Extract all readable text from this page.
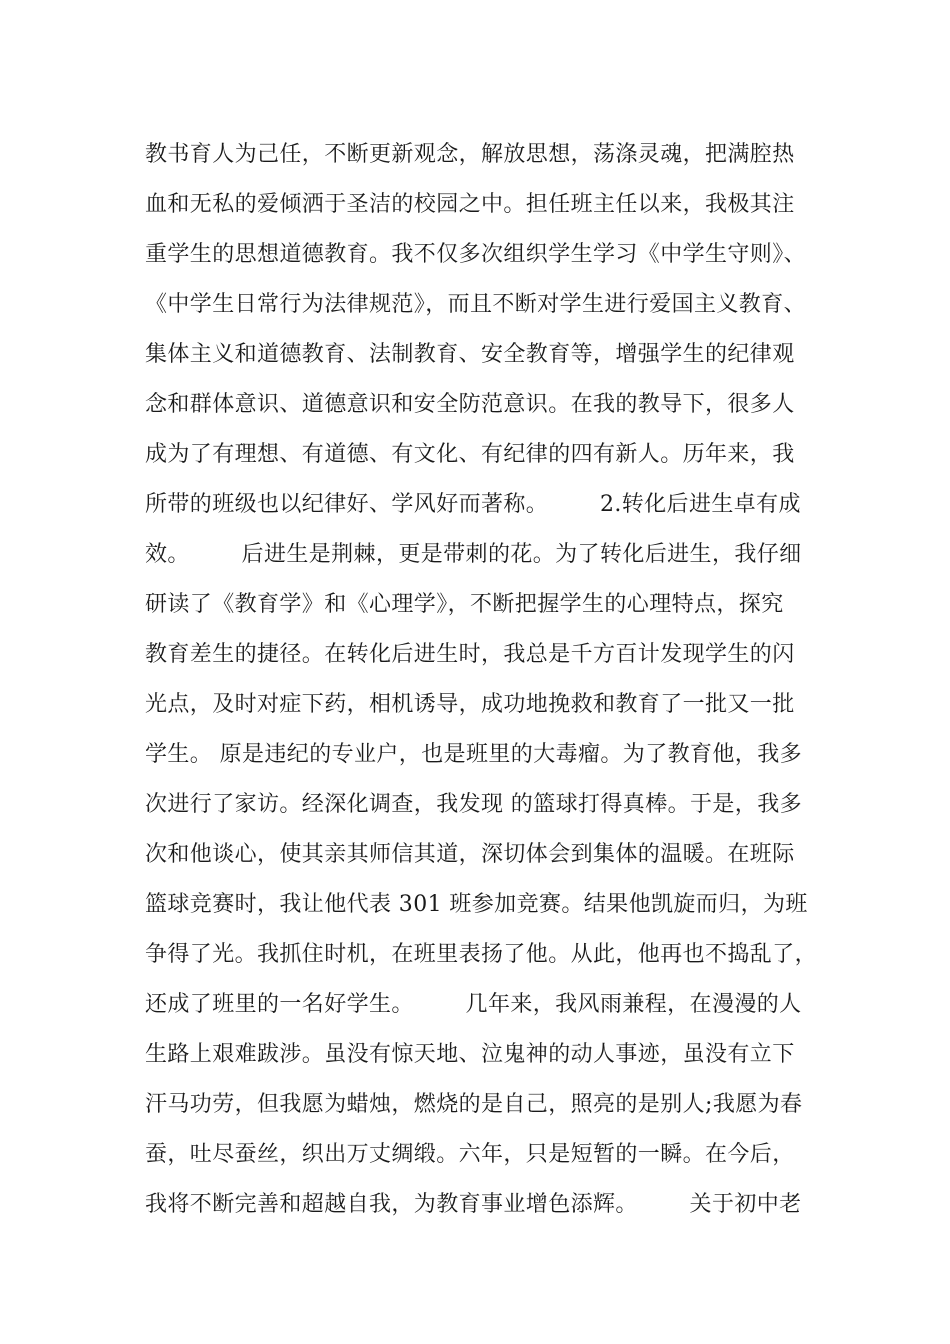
教书育人为己任，不断更新观念，解放思想，荡涤灵魂，把满腔热
血和无私的爱倾洒于圣洁的校园之中。担任班主任以来，我极其注
重学生的思想道德教育。我不仅多次组织学生学习《中学生守则》、
《中学生日常行为法律规范》，而且不断对学生进行爱国主义教育、
集体主义和道德教育、法制教育、安全教育等，增强学生的纪律观
念和群体意识、道德意识和安全防范意识。在我的教导下，很多人
成为了有理想、有道德、有文化、有纪律的四有新人。历年来，我
所带的班级也以纪律好、学风好而著称。       2.转化后进生卓有成
效。       后进生是荆棘，更是带刺的花。为了转化后进生，我仔细
研读了《教育学》和《心理学》，不断把握学生的心理特点，探究
教育差生的捷径。在转化后进生时，我总是千方百计发现学生的闪
光点，及时对症下药，相机诱导，成功地挽救和教育了一批又一批
学生。 原是违纪的专业户，也是班里的大毒瘤。为了教育他，我多
次进行了家访。经深化调查，我发现 的篮球打得真棒。于是，我多
次和他谈心，使其亲其师信其道，深切体会到集体的温暖。在班际
篮球竞赛时，我让他代表 301 班参加竞赛。结果他凯旋而归，为班
争得了光。我抓住时机，在班里表扬了他。从此，他再也不捣乱了，
还成了班里的一名好学生。       几年来，我风雨兼程，在漫漫的人
生路上艰难跋涉。虽没有惊天地、泣鬼神的动人事迹，虽没有立下
汗马功劳，但我愿为蜡烛，燃烧的是自己，照亮的是别人;我愿为春
蚕，吐尽蚕丝，织出万丈绸缎。六年，只是短暂的一瞬。在今后，
我将不断完善和超越自我，为教育事业增色添辉。       关于初中老
